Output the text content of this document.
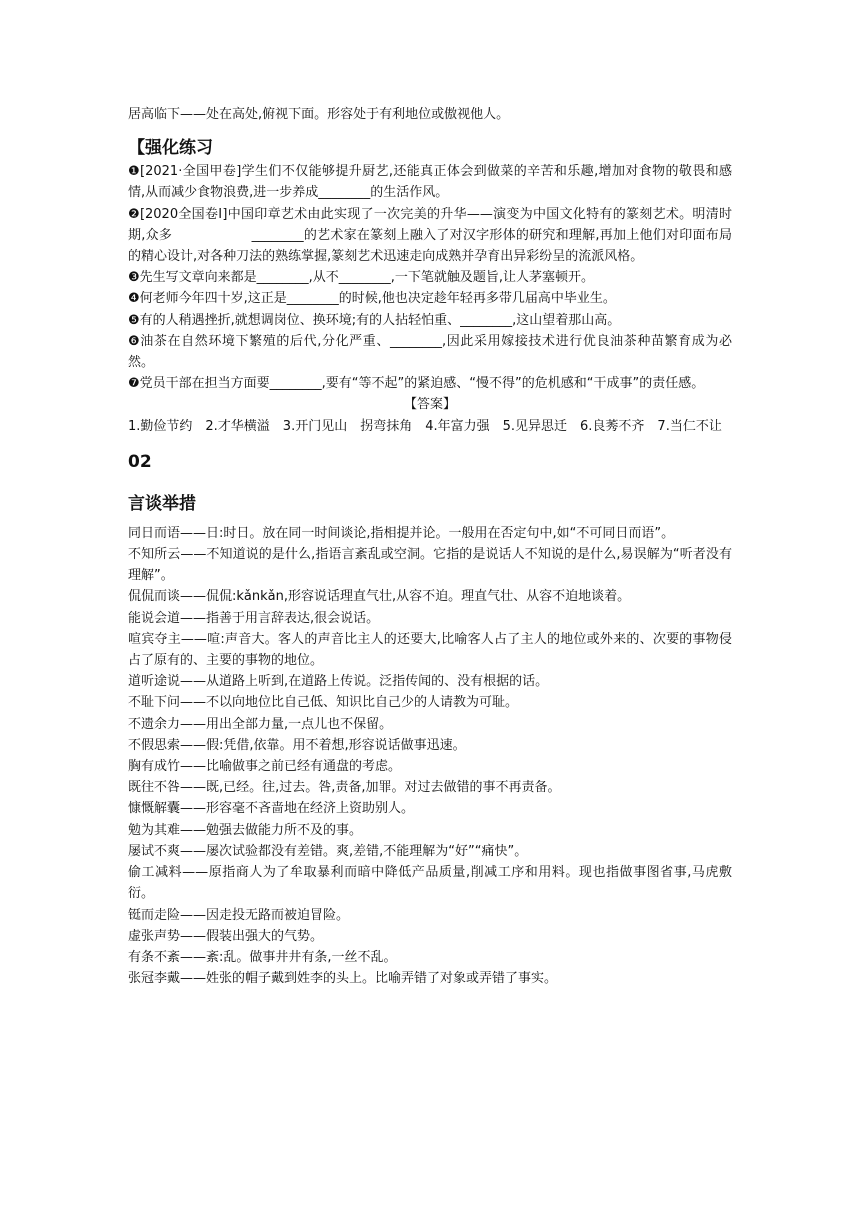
居高临下——处在高处,俯视下面。形容处于有利地位或傲视他人。

【强化练习

❶[2021·全国甲卷]学生们不仅能够提升厨艺,还能真正体会到做菜的辛苦和乐趣,增加对食物的敬畏和感情,从而减少食物浪费,进一步养成________的生活作风。

❷[2020全国卷Ⅰ]中国印章艺术由此实现了一次完美的升华——演变为中国文化特有的篆刻艺术。明清时期,众多　　　　　　________的艺术家在篆刻上融入了对汉字形体的研究和理解,再加上他们对印面布局的精心设计,对各种刀法的熟练掌握,篆刻艺术迅速走向成熟并孕育出异彩纷呈的流派风格。

❸先生写文章向来都是________,从不________,一下笔就触及题旨,让人茅塞顿开。

❹何老师今年四十岁,这正是________的时候,他也决定趁年轻再多带几届高中毕业生。

❺有的人稍遇挫折,就想调岗位、换环境;有的人拈轻怕重、________,这山望着那山高。

❻油茶在自然环境下繁殖的后代,分化严重、________,因此采用嫁接技术进行优良油茶种苗繁育成为必然。

❼党员干部在担当方面要________,要有“等不起”的紧迫感、“慢不得”的危机感和“干成事”的责任感。

【答案】

1.勤俭节约　2.才华横溢　3.开门见山　拐弯抹角　4.年富力强　5.见异思迁　6.良莠不齐　7.当仁不让

02

言谈举措

同日而语——日:时日。放在同一时间谈论,指相提并论。一般用在否定句中,如“不可同日而语”。

不知所云——不知道说的是什么,指语言紊乱或空洞。它指的是说话人不知说的是什么,易误解为“听者没有理解”。

侃侃而谈——侃侃:kǎnkǎn,形容说话理直气壮,从容不迫。理直气壮、从容不迫地谈着。

能说会道——指善于用言辞表达,很会说话。

喧宾夺主——喧:声音大。客人的声音比主人的还要大,比喻客人占了主人的地位或外来的、次要的事物侵占了原有的、主要的事物的地位。

道听途说——从道路上听到,在道路上传说。泛指传闻的、没有根据的话。

不耻下问——不以向地位比自己低、知识比自己少的人请教为可耻。

不遗余力——用出全部力量,一点儿也不保留。

不假思索——假:凭借,依靠。用不着想,形容说话做事迅速。

胸有成竹——比喻做事之前已经有通盘的考虑。

既往不咎——既,已经。往,过去。咎,责备,加罪。对过去做错的事不再责备。

慷慨解囊——形容毫不吝啬地在经济上资助别人。

勉为其难——勉强去做能力所不及的事。

屡试不爽——屡次试验都没有差错。爽,差错,不能理解为“好”“痛快”。

偷工减料——原指商人为了牟取暴利而暗中降低产品质量,削减工序和用料。现也指做事图省事,马虎敷衍。

铤而走险——因走投无路而被迫冒险。

虚张声势——假装出强大的气势。

有条不紊——紊:乱。做事井井有条,一丝不乱。

张冠李戴——姓张的帽子戴到姓李的头上。比喻弄错了对象或弄错了事实。
